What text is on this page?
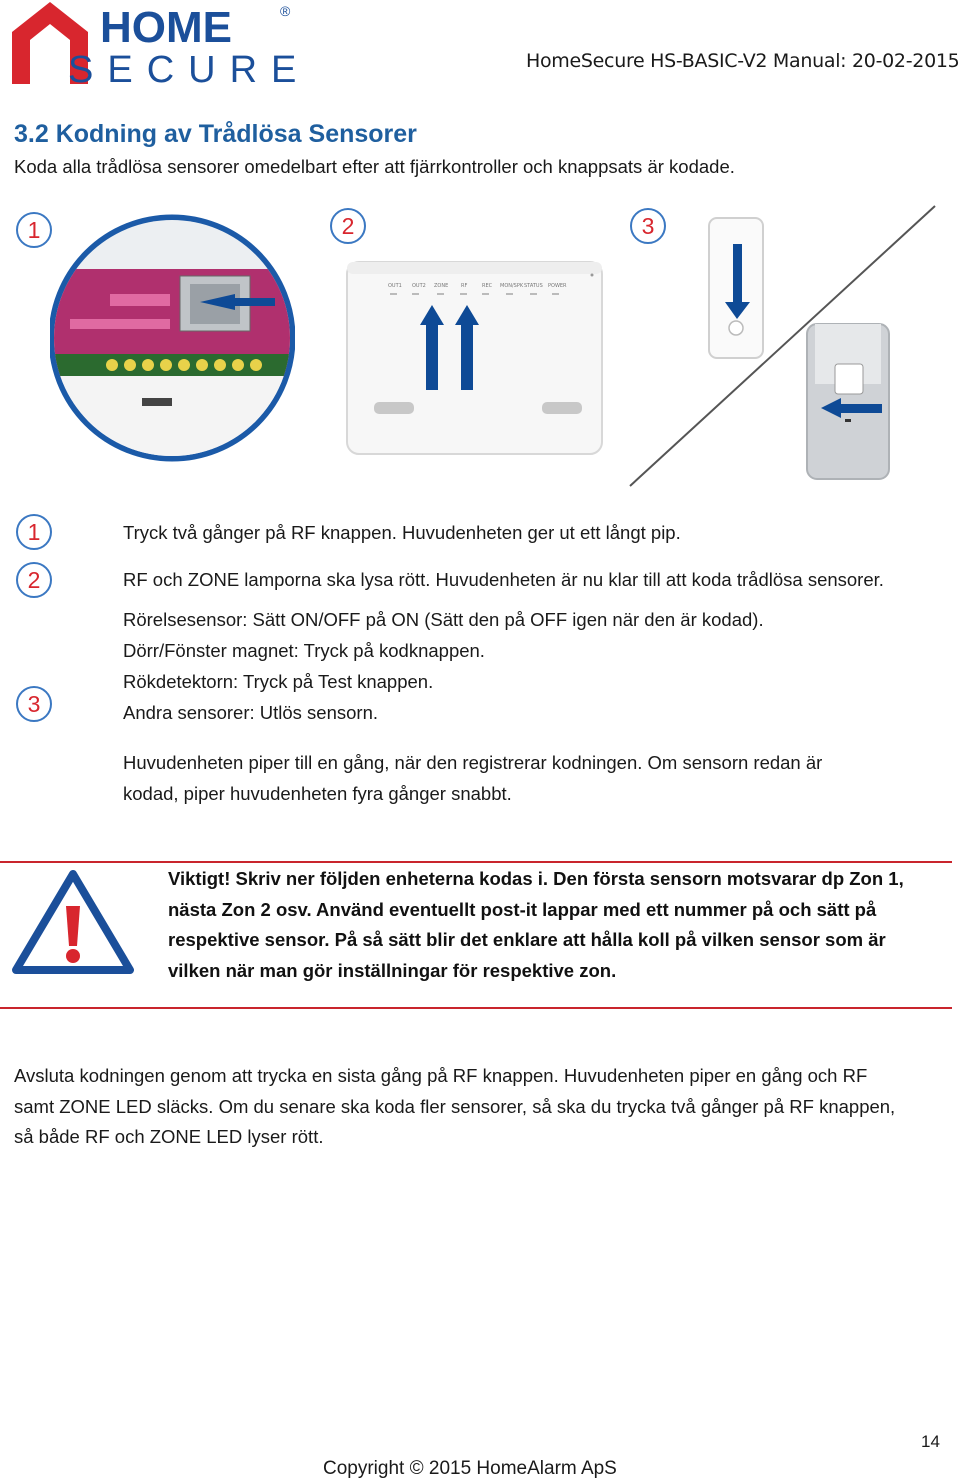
HOME	®
SECURE	HomeSecure HS-BASIC-V2 Manual: 20-02-2015
3.2 Kodning av Trådlösa Sensorer
Koda alla trådlösa sensorer omedelbart efter att fjärrkontroller och knappsats är kodade.
1	2
OUT1 OUT2 ZONE	RF	REC MON/SPK STATUS POWER
3
1
2
3
Tryck två gånger på RF knappen. Huvudenheten ger ut ett långt pip.
RF och ZONE lamporna ska lysa rött. Huvudenheten är nu klar till att koda trådlösa sensorer.
Rörelsesensor: Sätt ON/OFF på ON (Sätt den på OFF igen när den är kodad).
Dörr/Fönster magnet: Tryck på kodknappen.
Rökdetektorn: Tryck på Test knappen.
Andra sensorer: Utlös sensorn.
Huvudenheten piper till en gång, när den registrerar kodningen. Om sensorn redan är
kodad, piper huvudenheten fyra gånger snabbt.
Viktigt! Skriv ner följden enheterna kodas i. Den första sensorn motsvarar dp Zon 1,
nästa Zon 2 osv. Använd eventuellt post-it lappar med ett nummer på och sätt på
respektive sensor. På så sätt blir det enklare att hålla koll på vilken sensor som är
vilken när man gör inställningar för respektive zon.
Avsluta kodningen genom att trycka en sista gång på RF knappen. Huvudenheten piper en gång och RF
samt ZONE LED släcks. Om du senare ska koda fler sensorer, så ska du trycka två gånger på RF knappen,
så både RF och ZONE LED lyser rött.
14
Copyright © 2015 HomeAlarm ApS
